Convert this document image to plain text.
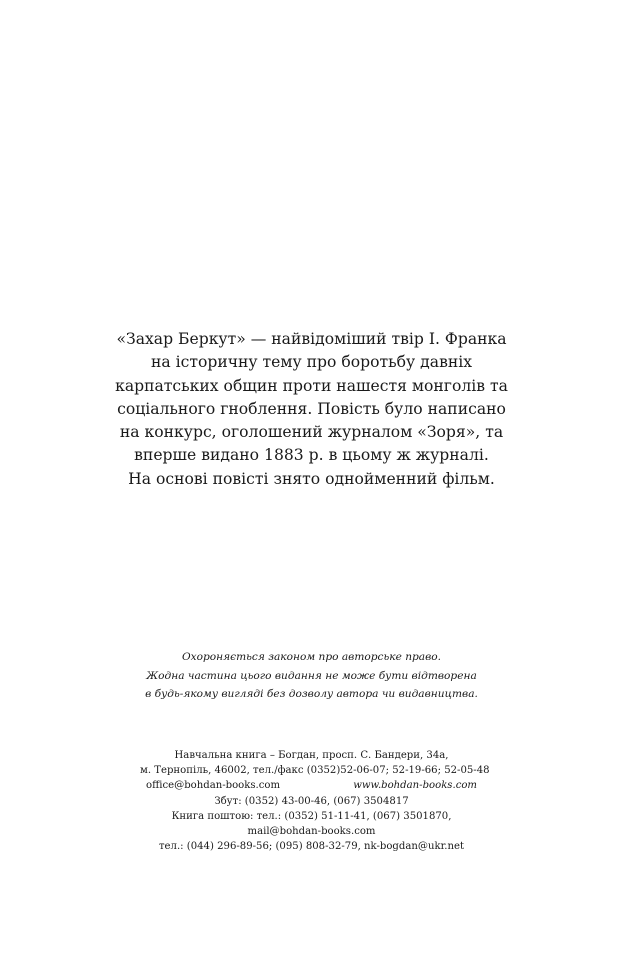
«Захар Беркут» — найвідоміший твір І. Франка
на історичну тему про боротьбу давніх
карпатських общин проти нашестя монголів та
соціального гноблення. Повість було написано
на конкурс, оголошений журналом «Зоря», та
вперше видано 1883 р. в цьому ж журналі.
На основі повісті знято однойменний фільм.
Охороняється законом про авторське право.
Жодна частина цього видання не може бути відтворена
в будь-якому вигляді без дозволу автора чи видавництва.
Навчальна книга – Богдан, просп. С. Бандери, 34а,
м. Тернопіль, 46002, тел./факс (0352)52-06-07; 52-19-66; 52-05-48
office@bohdan-books.com	www.bohdan-books.com
Збут: (0352) 43-00-46, (067) 3504817
Книга поштою: тел.: (0352) 51-11-41, (067) 3501870,
mail@bohdan-books.com
тел.: (044) 296-89-56; (095) 808-32-79, nk-bogdan@ukr.net
